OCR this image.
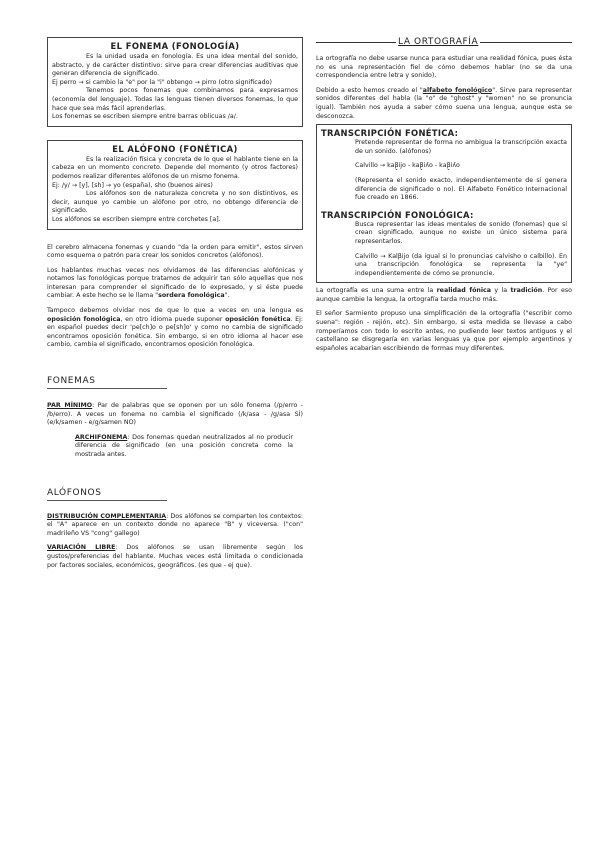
EL FONEMA (FONOLOGÍA)

Es la unidad usada en fonología. Es una idea mental del sonido, abstracto, y de carácter distintivo: sirve para crear diferencias auditivas que generan diferencia de significado.

Ej perro → si cambio la "e" por la "i" obtengo → pirro (otro significado)

Tenemos pocos fonemas que combinamos para expresarnos (economía del lenguaje). Todas las lenguas tienen diversos fonemas, lo que hace que sea más fácil aprenderlas.

Los fonemas se escriben siempre entre barras oblicuas /a/.

EL ALÓFONO (FONÉTICA)

Es la realización física y concreta de lo que el hablante tiene en la cabeza en un momento concreto. Depende del momento (y otros factores) podemos realizar diferentes alófonos de un mismo fonema.

Ej: /y/ → [y], [sh] → yo (españa), sho (buenos aires)

Los alófonos son de naturaleza concreta y no son distintivos, es decir, aunque yo cambie un alófono por otro, no obtengo diferencia de significado.

Los alófonos se escriben siempre entre corchetes [a].

El cerebro almacena fonemas y cuando "da la orden para emitir", estos sirven como esquema o patrón para crear los sonidos concretos (alófonos).

Los hablantes muchas veces nos olvidamos de las diferencias alofónicas y notamos las fonológicas porque tratamos de adquirir tan sólo aquellas que nos interesan para comprender el significado de lo expresado, y si éste puede cambiar. A este hecho se le llama "sordera fonológica".

Tampoco debemos olvidar nos de que lo que a veces en una lengua es oposición fonológica, en otro idioma puede suponer oposición fonética. Ej: en español puedes decir 'pe[ch]o o pe[sh]o' y como no cambia de significado encontramos oposición fonética. Sin embargo, si en otro idioma al hacer ese cambio, cambia el significado, encontramos oposición fonológica.

FONEMAS

PAR MÍNIMO: Par de palabras que se oponen por un sólo fonema (/p/erro - /b/erro). A veces un fonema no cambia el significado (/k/asa - /g/asa SÍ) (e/k/samen - e/g/samen NO)

ARCHIFONEMA: Dos fonemas quedan neutralizados al no producir diferencia de significado (en una posición concreta como la mostrada antes.

ALÓFONOS

DISTRIBUCIÓN COMPLEMENTARIA: Dos alófonos se comparten los contextos: el "A" aparece en un contexto donde no aparece "B" y viceversa. ("con" madrileño VS "cong" gallego)

VARIACIÓN LIBRE: Dos alófonos se usan libremente según los gustos/preferencias del hablante. Muchas veces está limitada o condicionada por factores sociales, económicos, geográficos. (es que - ej que).

LA ORTOGRAFÍA

La ortografía no debe usarse nunca para estudiar una realidad fónica, pues ésta no es una representación fiel de cómo debemos hablar (no se da una correspondencia entre letra y sonido).

Debido a esto hemos creado el "alfabeto fonológico". Sirve para representar sonidos diferentes del habla (la "o" de "ghost" y "women" no se pronuncia igual). También nos ayuda a saber cómo suena una lengua, aunque esta se desconozca.

TRANSCRIPCIÓN FONÉTICA:

Pretende representar de forma no ambigua la transcripción exacta de un sonido. (alófonos)

Calvillo → kaβ̞ijo - kaβ̞iʎo - kaβ̞iʎo

(Representa el sonido exacto, independientemente de si genera diferencia de significado o no). El Alfabeto Fonético Internacional fue creado en 1866.

TRANSCRIPCIÓN FONOLÓGICA:

Busca representar las ideas mentales de sonido (fonemas) que sí crean significado, aunque no existe un único sistema para representarlos.

Calvillo → Kalβijo (da igual si lo pronuncias calvisho o calbillo). En una transcripción fonológica se representa la "ye" independientemente de cómo se pronuncie.

La ortografía es una suma entre la realidad fónica y la tradición. Por eso aunque cambie la lengua, la ortografía tarda mucho más.

El señor Sarmiento propuso una simplificación de la ortografía ("escribir como suena": región - rejión, etc). Sin embargo, si esta medida se llevase a cabo romperíamos con todo lo escrito antes, no pudiendo leer textos antiguos y el castellano se disgregaría en varias lenguas ya que por ejemplo argentinos y españoles acabarían escribiendo de formas muy diferentes.
